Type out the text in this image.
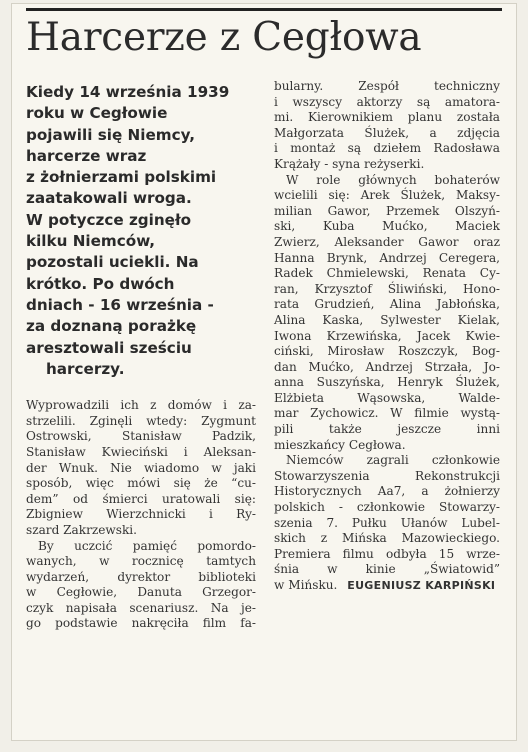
Harcerze z Cegłowa
Kiedy 14 września 1939
roku w Cegłowie
pojawili się Niemcy,
harcerze wraz
z żołnierzami polskimi
zaatakowali wroga.
W potyczce zginęło
kilku Niemców,
pozostali uciekli. Na
krótko. Po dwóch
dniach - 16 września -
za doznaną porażkę
aresztowali sześciu
harcerzy.
Wyprowadzili ich z domów i za-
strzelili. Zginęli wtedy: Zygmunt
Ostrowski, Stanisław Padzik,
Stanisław Kwieciński i Aleksan-
der Wnuk. Nie wiadomo w jaki
sposób, więc mówi się że “cu-
dem” od śmierci uratowali się:
Zbigniew Wierzchnicki i Ry-
szard Zakrzewski.
By uczcić pamięć pomordo-
wanych, w rocznicę tamtych
wydarzeń, dyrektor biblioteki
w Cegłowie, Danuta Grzegor-
czyk napisała scenariusz. Na je-
go podstawie nakręciła film fa-
bularny. Zespół techniczny
i wszyscy aktorzy są amatora-
mi. Kierownikiem planu została
Małgorzata Ślużek, a zdjęcia
i montaż są dziełem Radosława
Krążały - syna reżyserki.
W role głównych bohaterów
wcielili się: Arek Ślużek, Maksy-
milian Gawor, Przemek Olszyń-
ski, Kuba Mućko, Maciek
Zwierz, Aleksander Gawor oraz
Hanna Brynk, Andrzej Ceregera,
Radek Chmielewski, Renata Cy-
ran, Krzysztof Śliwiński, Hono-
rata Grudzień, Alina Jabłońska,
Alina Kaska, Sylwester Kielak,
Iwona Krzewińska, Jacek Kwie-
ciński, Mirosław Roszczyk, Bog-
dan Mućko, Andrzej Strzała, Jo-
anna Suszyńska, Henryk Ślużek,
Elżbieta Wąsowska, Walde-
mar Zychowicz. W filmie wystą-
pili także jeszcze inni
mieszkańcy Cegłowa.
Niemców zagrali członkowie
Stowarzyszenia Rekonstrukcji
Historycznych Aa7, a żołnierzy
polskich - członkowie Stowarzy-
szenia 7. Pułku Ułanów Lubel-
skich z Mińska Mazowieckiego.
Premiera filmu odbyła 15 wrze-
śnia w kinie „Światowid”
w Mińsku. EUGENIUSZ KARPIŃSKI
